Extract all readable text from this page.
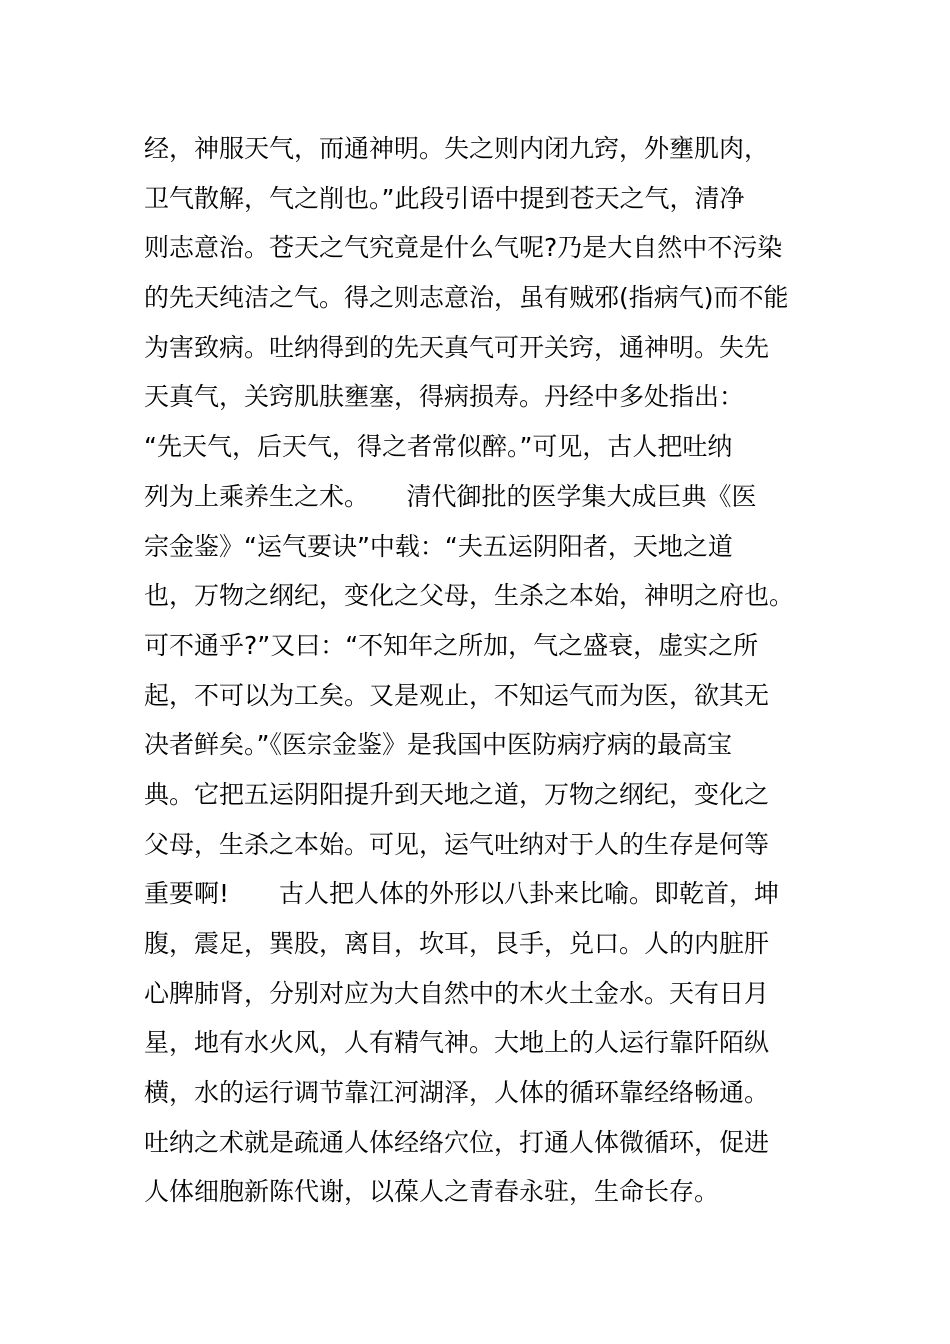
经，神服天气，而通神明。失之则内闭九窍，外壅肌肉，
卫气散解，气之削也。”此段引语中提到苍天之气，清净
则志意治。苍天之气究竟是什么气呢?乃是大自然中不污染
的先天纯洁之气。得之则志意治，虽有贼邪(指病气)而不能
为害致病。吐纳得到的先天真气可开关窍，通神明。失先
天真气，关窍肌肤壅塞，得病损寿。丹经中多处指出：
“先天气，后天气，得之者常似醉。”可见，古人把吐纳
列为上乘养生之术。　　清代御批的医学集大成巨典《医
宗金鉴》“运气要诀”中载：“夫五运阴阳者，天地之道
也，万物之纲纪，变化之父母，生杀之本始，神明之府也。
可不通乎?”又曰：“不知年之所加，气之盛衰，虚实之所
起，不可以为工矣。又是观止，不知运气而为医，欲其无
决者鲜矣。”《医宗金鉴》是我国中医防病疗病的最高宝
典。它把五运阴阳提升到天地之道，万物之纲纪，变化之
父母，生杀之本始。可见，运气吐纳对于人的生存是何等
重要啊!　　古人把人体的外形以八卦来比喻。即乾首，坤
腹，震足，巽股，离目，坎耳，艮手，兑口。人的内脏肝
心脾肺肾，分别对应为大自然中的木火土金水。天有日月
星，地有水火风，人有精气神。大地上的人运行靠阡陌纵
横，水的运行调节靠江河湖泽，人体的循环靠经络畅通。
吐纳之术就是疏通人体经络穴位，打通人体微循环，促进
人体细胞新陈代谢，以葆人之青春永驻，生命长存。
